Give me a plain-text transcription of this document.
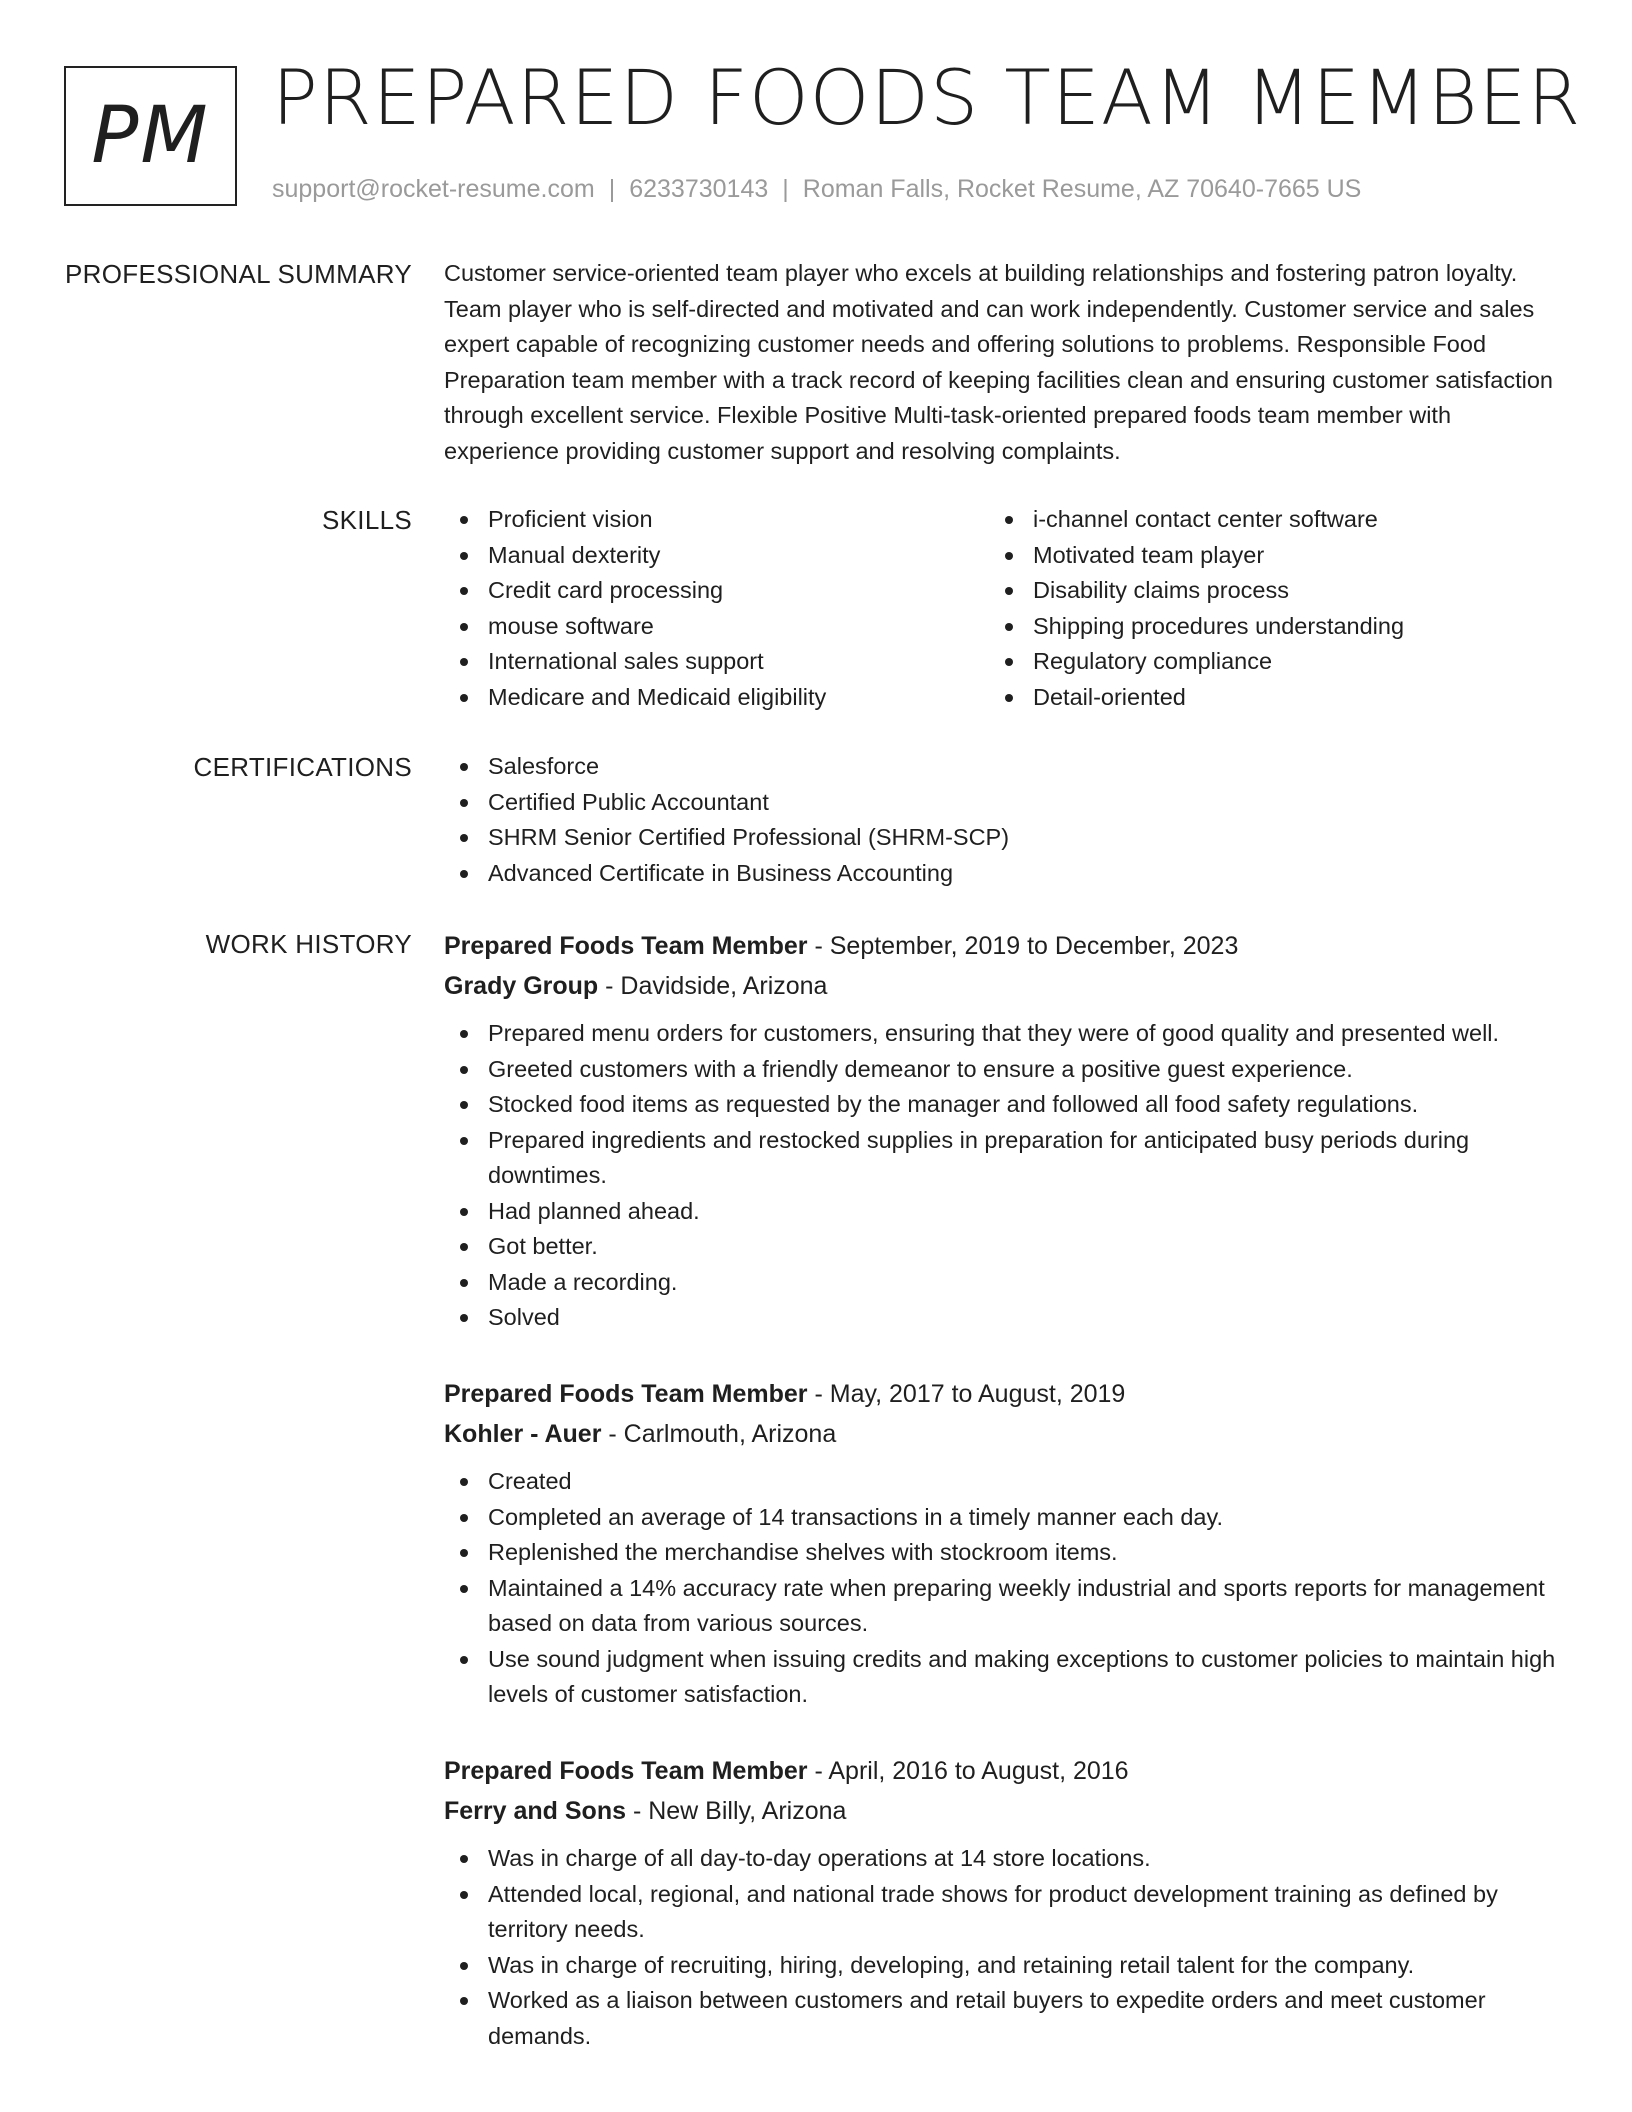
PM PREPARED FOODS TEAM MEMBER
support@rocket-resume.com | 6233730143 | Roman Falls, Rocket Resume, AZ 70640-7665 US
PROFESSIONAL SUMMARY Customer service-oriented team player who excels at building relationships and fostering patron loyalty. Team player who is self-directed and motivated and can work independently. Customer service and sales expert capable of recognizing customer needs and offering solutions to problems. Responsible Food Preparation team member with a track record of keeping facilities clean and ensuring customer satisfaction through excellent service. Flexible Positive Multi-task-oriented prepared foods team member with experience providing customer support and resolving complaints.
SKILLS	Proficient vision
Manual dexterity
Credit card processing
mouse software
International sales support
Medicare and Medicaid eligibility
i-channel contact center software
Motivated team player
Disability claims process
Shipping procedures understanding
Regulatory compliance
Detail-oriented
CERTIFICATIONS	Salesforce
Certified Public Accountant
SHRM Senior Certified Professional (SHRM-SCP)
Advanced Certificate in Business Accounting
WORK HISTORY Prepared Foods Team Member - September, 2019 to December, 2023
Grady Group - Davidside, Arizona
Prepared menu orders for customers, ensuring that they were of good quality and presented well.
Greeted customers with a friendly demeanor to ensure a positive guest experience.
Stocked food items as requested by the manager and followed all food safety regulations.
Prepared ingredients and restocked supplies in preparation for anticipated busy periods during downtimes.
Had planned ahead.
Got better.
Made a recording.
Solved
Prepared Foods Team Member - May, 2017 to August, 2019
Kohler - Auer - Carlmouth, Arizona
Created
Completed an average of 14 transactions in a timely manner each day.
Replenished the merchandise shelves with stockroom items.
Maintained a 14% accuracy rate when preparing weekly industrial and sports reports for management based on data from various sources.
Use sound judgment when issuing credits and making exceptions to customer policies to maintain high levels of customer satisfaction.
Prepared Foods Team Member - April, 2016 to August, 2016
Ferry and Sons - New Billy, Arizona
Was in charge of all day-to-day operations at 14 store locations.
Attended local, regional, and national trade shows for product development training as defined by territory needs.
Was in charge of recruiting, hiring, developing, and retaining retail talent for the company.
Worked as a liaison between customers and retail buyers to expedite orders and meet customer demands.
